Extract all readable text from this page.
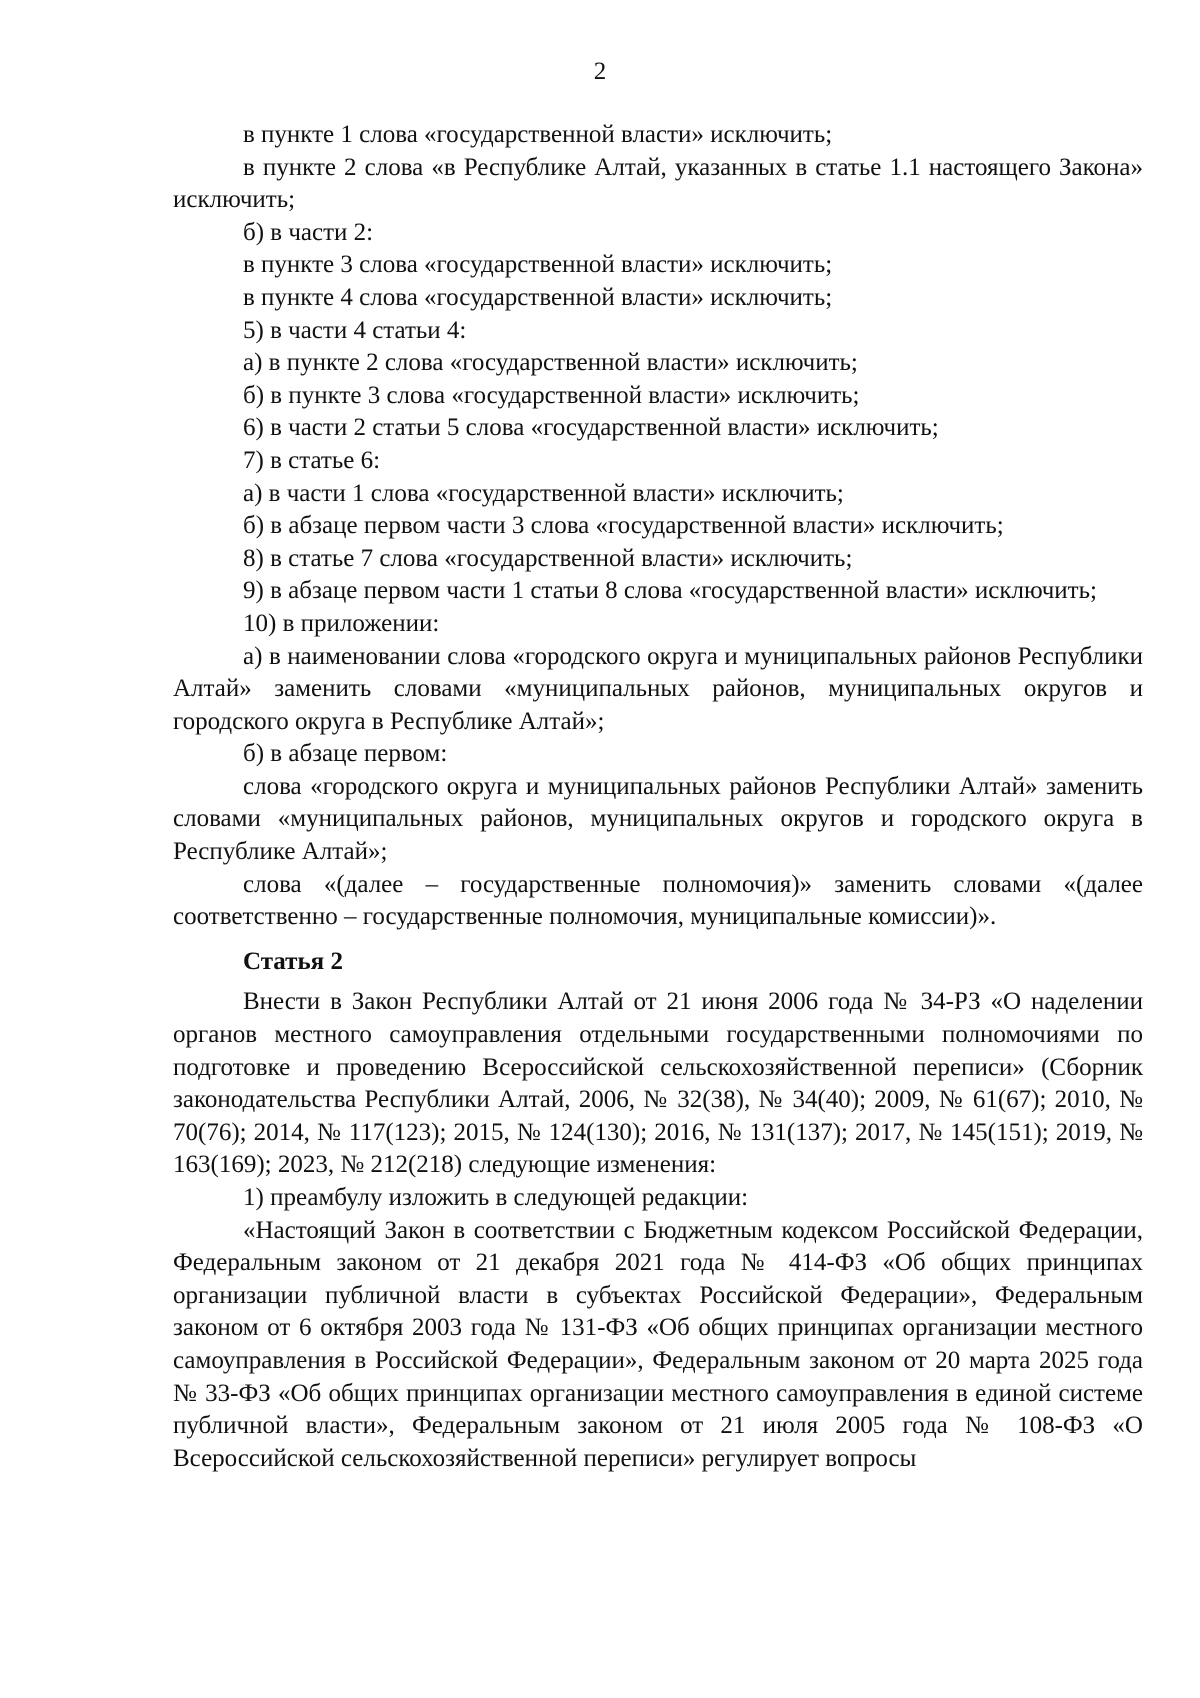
2

в пункте 1 слова «государственной власти» исключить;

в пункте 2 слова «в Республике Алтай, указанных в статье 1.1 настоящего Закона» исключить;

б) в части 2:

в пункте 3 слова «государственной власти» исключить;

в пункте 4 слова «государственной власти» исключить;

5) в части 4 статьи 4:

а) в пункте 2 слова «государственной власти» исключить;

б) в пункте 3 слова «государственной власти» исключить;

6) в части 2 статьи 5 слова «государственной власти» исключить;

7) в статье 6:

а) в части 1 слова «государственной власти» исключить;

б) в абзаце первом части 3 слова «государственной власти» исключить;

8) в статье 7 слова «государственной власти» исключить;

9) в абзаце первом части 1 статьи 8 слова «государственной власти» исключить;

10) в приложении:

а) в наименовании слова «городского округа и муниципальных районов Республики Алтай» заменить словами «муниципальных районов, муниципальных округов и городского округа в Республике Алтай»;

б) в абзаце первом:

слова «городского округа и муниципальных районов Республики Алтай» заменить словами «муниципальных районов, муниципальных округов и городского округа в Республике Алтай»;

слова «(далее – государственные полномочия)» заменить словами «(далее соответственно – государственные полномочия, муниципальные комиссии)».

Статья 2

Внести в Закон Республики Алтай от 21 июня 2006 года № 34-РЗ «О наделении органов местного самоуправления отдельными государственными полномочиями по подготовке и проведению Всероссийской сельскохозяйственной переписи» (Сборник законодательства Республики Алтай, 2006, № 32(38), № 34(40); 2009, № 61(67); 2010, № 70(76); 2014, № 117(123); 2015, № 124(130); 2016, № 131(137); 2017, № 145(151); 2019, № 163(169); 2023, № 212(218) следующие изменения:

1) преамбулу изложить в следующей редакции:

«Настоящий Закон в соответствии с Бюджетным кодексом Российской Федерации, Федеральным законом от 21 декабря 2021 года № 414-ФЗ «Об общих принципах организации публичной власти в субъектах Российской Федерации», Федеральным законом от 6 октября 2003 года № 131-ФЗ «Об общих принципах организации местного самоуправления в Российской Федерации», Федеральным законом от 20 марта 2025 года № 33-ФЗ «Об общих принципах организации местного самоуправления в единой системе публичной власти», Федеральным законом от 21 июля 2005 года № 108-ФЗ «О Всероссийской сельскохозяйственной переписи» регулирует вопросы
